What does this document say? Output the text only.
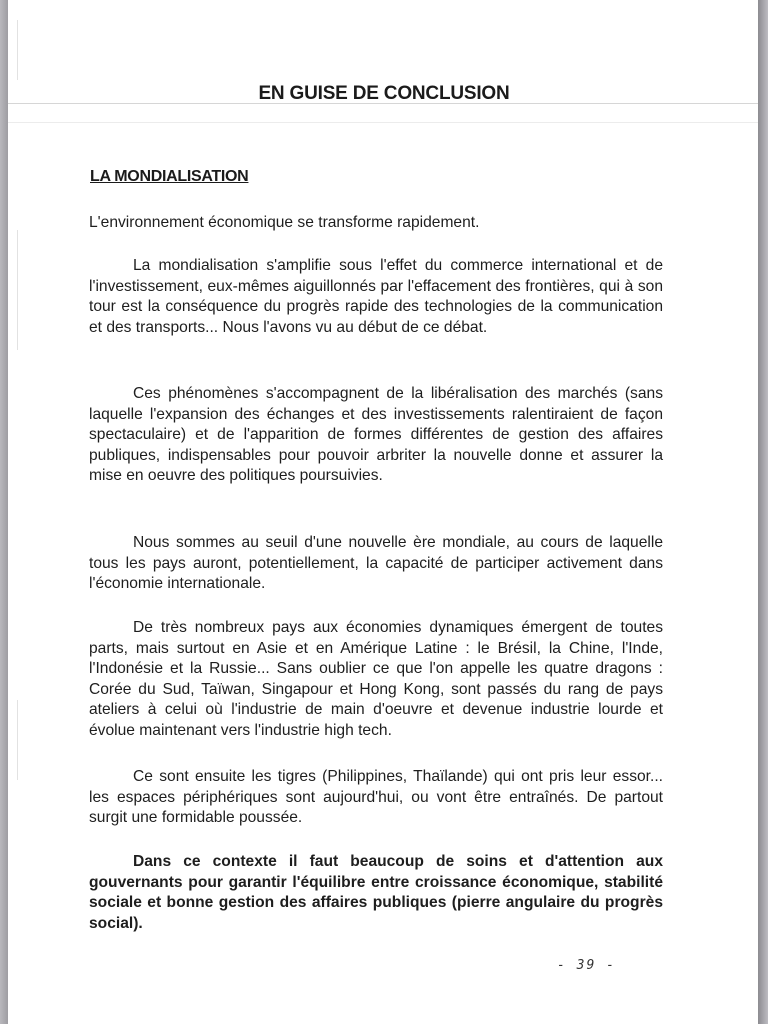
EN GUISE DE CONCLUSION
LA MONDIALISATION
L'environnement économique se transforme rapidement.
La mondialisation s'amplifie sous l'effet du commerce international et de l'investissement, eux-mêmes aiguillonnés par l'effacement des frontières, qui à son tour est la conséquence du progrès rapide des technologies de la communication et des transports... Nous l'avons vu au début de ce débat.
Ces phénomènes s'accompagnent de la libéralisation des marchés (sans laquelle l'expansion des échanges et des investissements ralentiraient de façon spectaculaire) et de l'apparition de formes différentes de gestion des affaires publiques, indispensables pour pouvoir arbriter la nouvelle donne et assurer la mise en oeuvre des politiques poursuivies.
Nous sommes au seuil d'une nouvelle ère mondiale, au cours de laquelle tous les pays auront, potentiellement, la capacité de participer activement dans l'économie internationale.
De très nombreux pays aux économies dynamiques émergent de toutes parts, mais surtout en Asie et en Amérique Latine : le Brésil, la Chine, l'Inde, l'Indonésie et la Russie... Sans oublier ce que l'on appelle les quatre dragons : Corée du Sud, Taïwan, Singapour et Hong Kong, sont passés du rang de pays ateliers à celui où l'industrie de main d'oeuvre et devenue industrie lourde et évolue maintenant vers l'industrie high tech.
Ce sont ensuite les tigres (Philippines, Thaïlande) qui ont pris leur essor... les espaces périphériques sont aujourd'hui, ou vont être entraînés. De partout surgit une formidable poussée.
Dans ce contexte il faut beaucoup de soins et d'attention aux gouvernants pour garantir l'équilibre entre croissance économique, stabilité sociale et bonne gestion des affaires publiques (pierre angulaire du progrès social).
- 39 -
